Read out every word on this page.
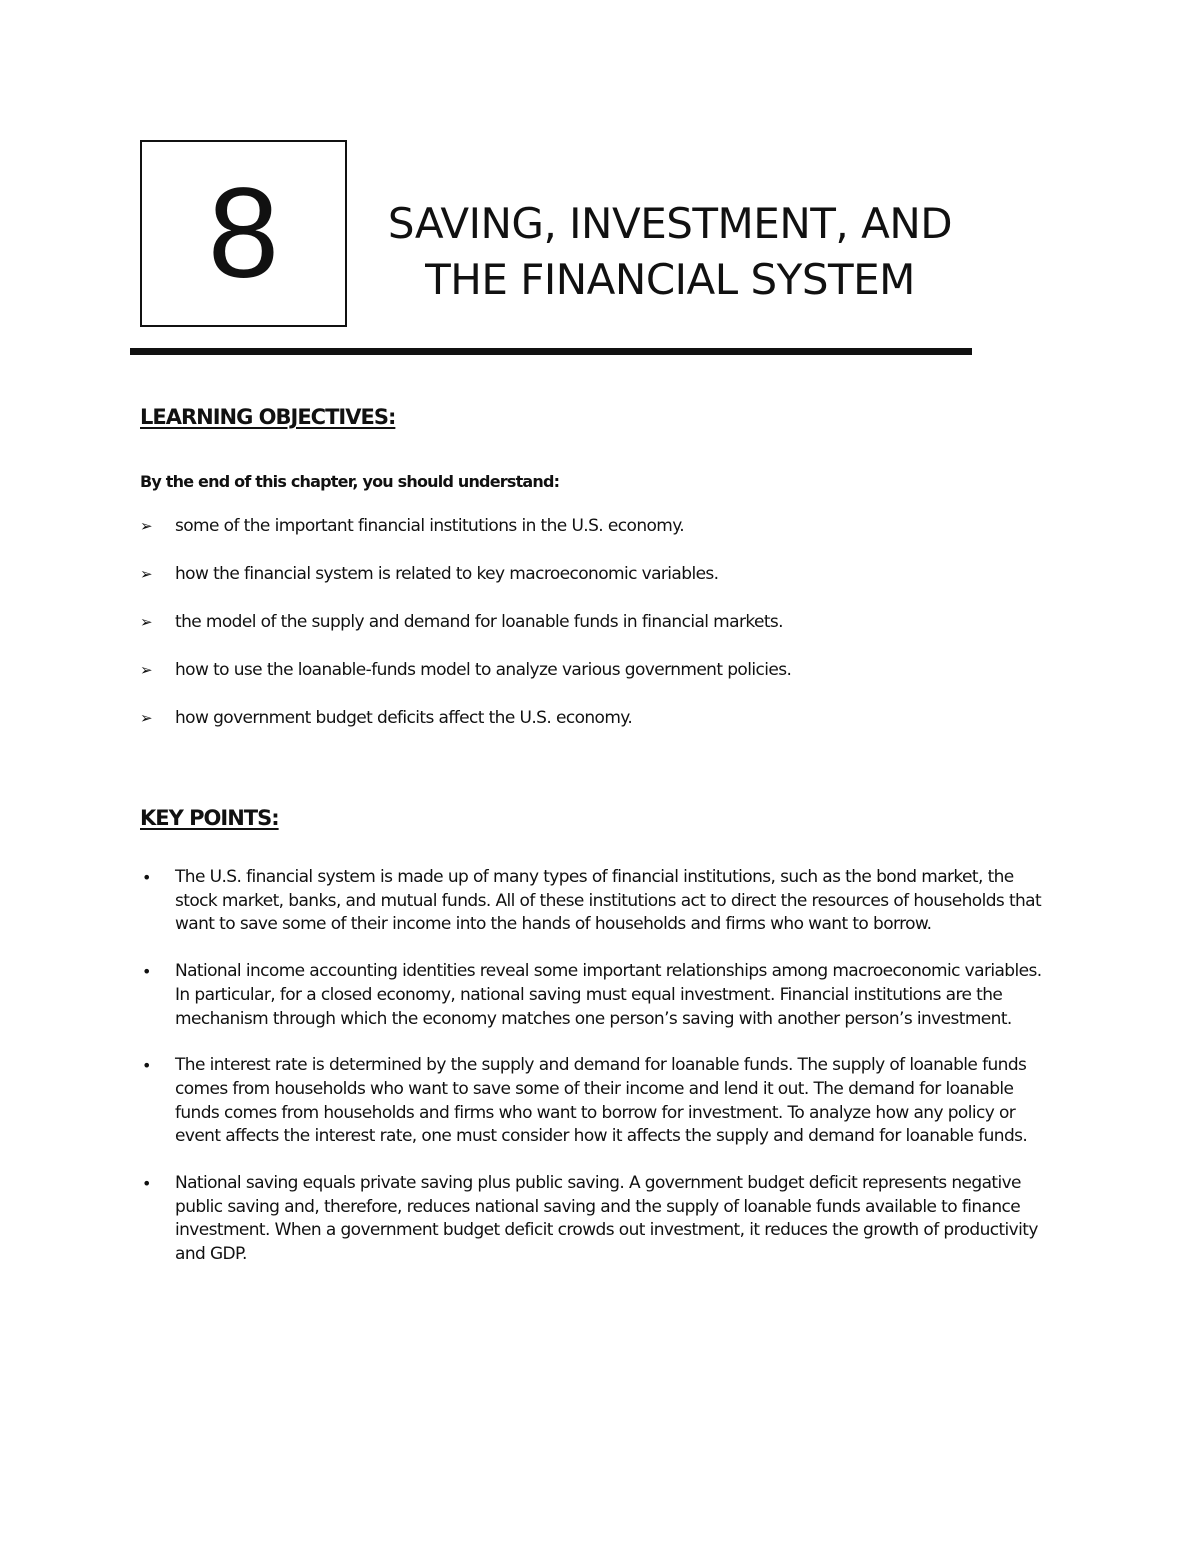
8	SAVING, INVESTMENT, AND
THE FINANCIAL SYSTEM
LEARNING OBJECTIVES:
By the end of this chapter, you should understand:
➢ some of the important financial institutions in the U.S. economy.
➢ how the financial system is related to key macroeconomic variables.
➢ the model of the supply and demand for loanable funds in financial markets.
➢ how to use the loanable-funds model to analyze various government policies.
➢ how government budget deficits affect the U.S. economy.
KEY POINTS:
• The U.S. financial system is made up of many types of financial institutions, such as the bond market, the stock market, banks, and mutual funds. All of these institutions act to direct the resources of households that want to save some of their income into the hands of households and firms who want to borrow.
• National income accounting identities reveal some important relationships among macroeconomic variables. In particular, for a closed economy, national saving must equal investment. Financial institutions are the mechanism through which the economy matches one person’s saving with another person’s investment.
• The interest rate is determined by the supply and demand for loanable funds. The supply of loanable funds comes from households who want to save some of their income and lend it out. The demand for loanable funds comes from households and firms who want to borrow for investment. To analyze how any policy or event affects the interest rate, one must consider how it affects the supply and demand for loanable funds.
• National saving equals private saving plus public saving. A government budget deficit represents negative public saving and, therefore, reduces national saving and the supply of loanable funds available to finance investment. When a government budget deficit crowds out investment, it reduces the growth of productivity and GDP.
